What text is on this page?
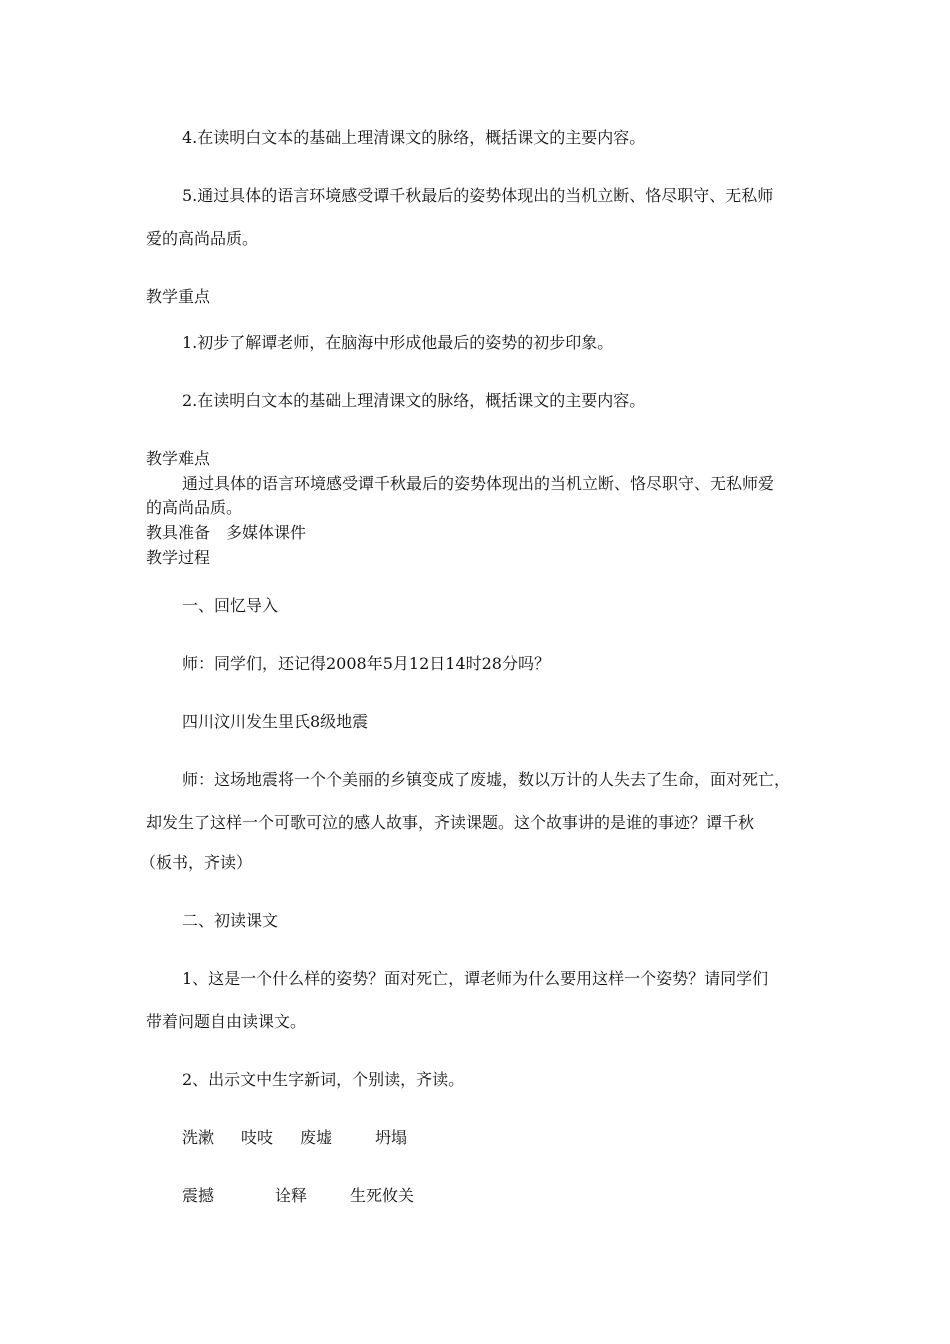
4.在读明白文本的基础上理清课文的脉络，概括课文的主要内容。

5.通过具体的语言环境感受谭千秋最后的姿势体现出的当机立断、恪尽职守、无私师

爱的高尚品质。

教学重点

1.初步了解谭老师，在脑海中形成他最后的姿势的初步印象。

2.在读明白文本的基础上理清课文的脉络，概括课文的主要内容。

教学难点

通过具体的语言环境感受谭千秋最后的姿势体现出的当机立断、恪尽职守、无私师爱

的高尚品质。

教具准备　多媒体课件

教学过程

一、回忆导入

师：同学们，还记得2008年5月12日14时28分吗？

四川汶川发生里氏8级地震

师：这场地震将一个个美丽的乡镇变成了废墟，数以万计的人失去了生命，面对死亡，

却发生了这样一个可歌可泣的感人故事，齐读课题。这个故事讲的是谁的事迹？谭千秋

（板书，齐读）

二、初读课文

1、这是一个什么样的姿势？面对死亡，谭老师为什么要用这样一个姿势？请同学们

带着问题自由读课文。

2、出示文中生字新词，个别读，齐读。

洗漱 吱吱 废墟	坍塌
震撼	诠释	生死攸关
